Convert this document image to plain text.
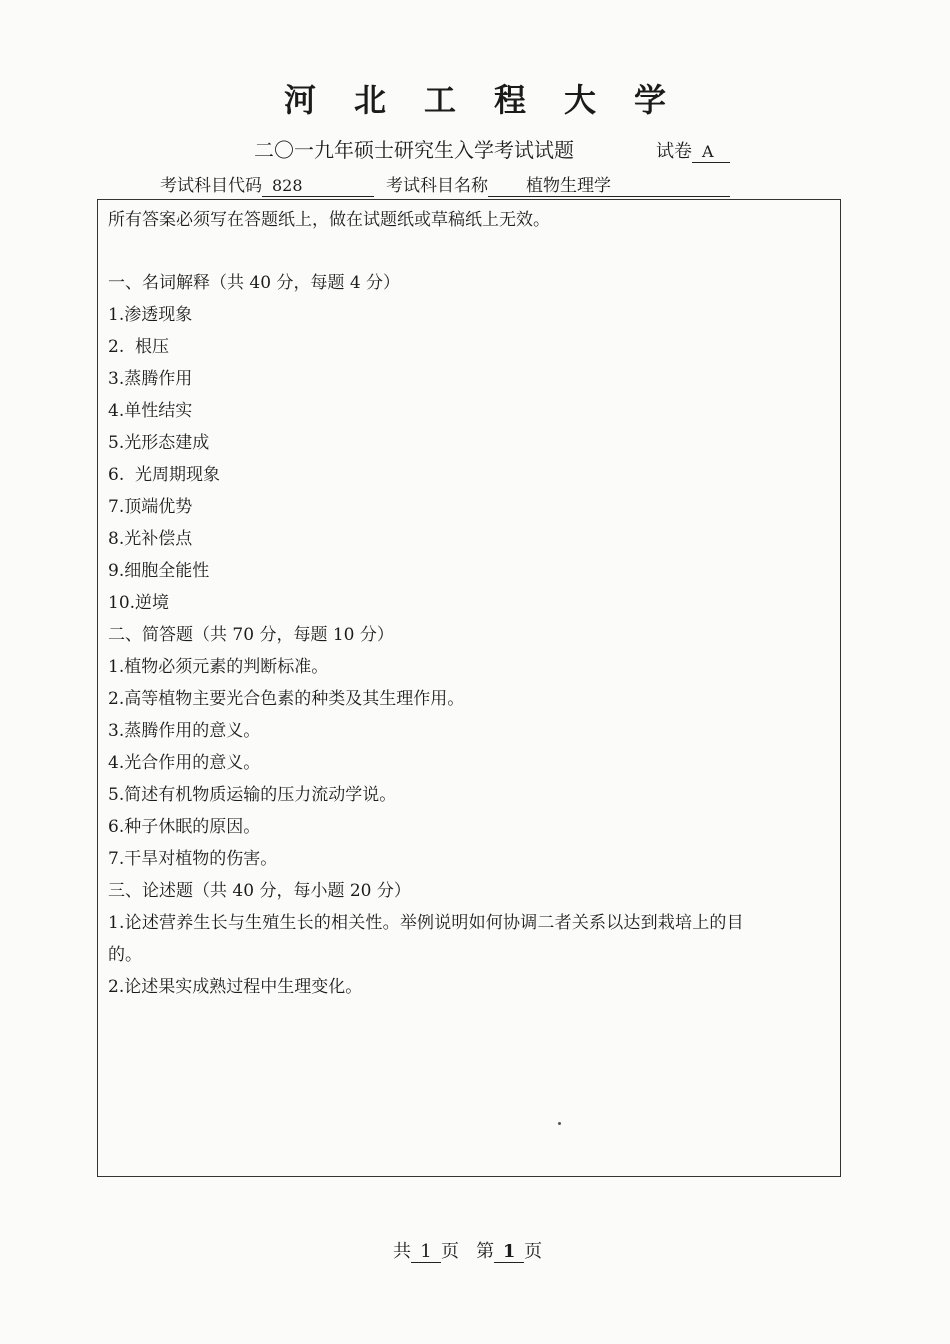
河北工程大学
二〇一九年硕士研究生入学考试试题	试卷 A
考试科目代码 828	考试科目名称 植物生理学
所有答案必须写在答题纸上，做在试题纸或草稿纸上无效。
一、名词解释（共 40 分，每题 4 分）
1.渗透现象
2.  根压
3.蒸腾作用
4.单性结实
5.光形态建成
6.  光周期现象
7.顶端优势
8.光补偿点
9.细胞全能性
10.逆境
二、简答题（共 70 分，每题 10 分）
1.植物必须元素的判断标准。
2.高等植物主要光合色素的种类及其生理作用。
3.蒸腾作用的意义。
4.光合作用的意义。
5.简述有机物质运输的压力流动学说。
6.种子休眠的原因。
7.干旱对植物的伤害。
三、论述题（共 40 分，每小题 20 分）
1.论述营养生长与生殖生长的相关性。举例说明如何协调二者关系以达到栽培上的目
的。
2.论述果实成熟过程中生理变化。
共 1 页 第 1 页
